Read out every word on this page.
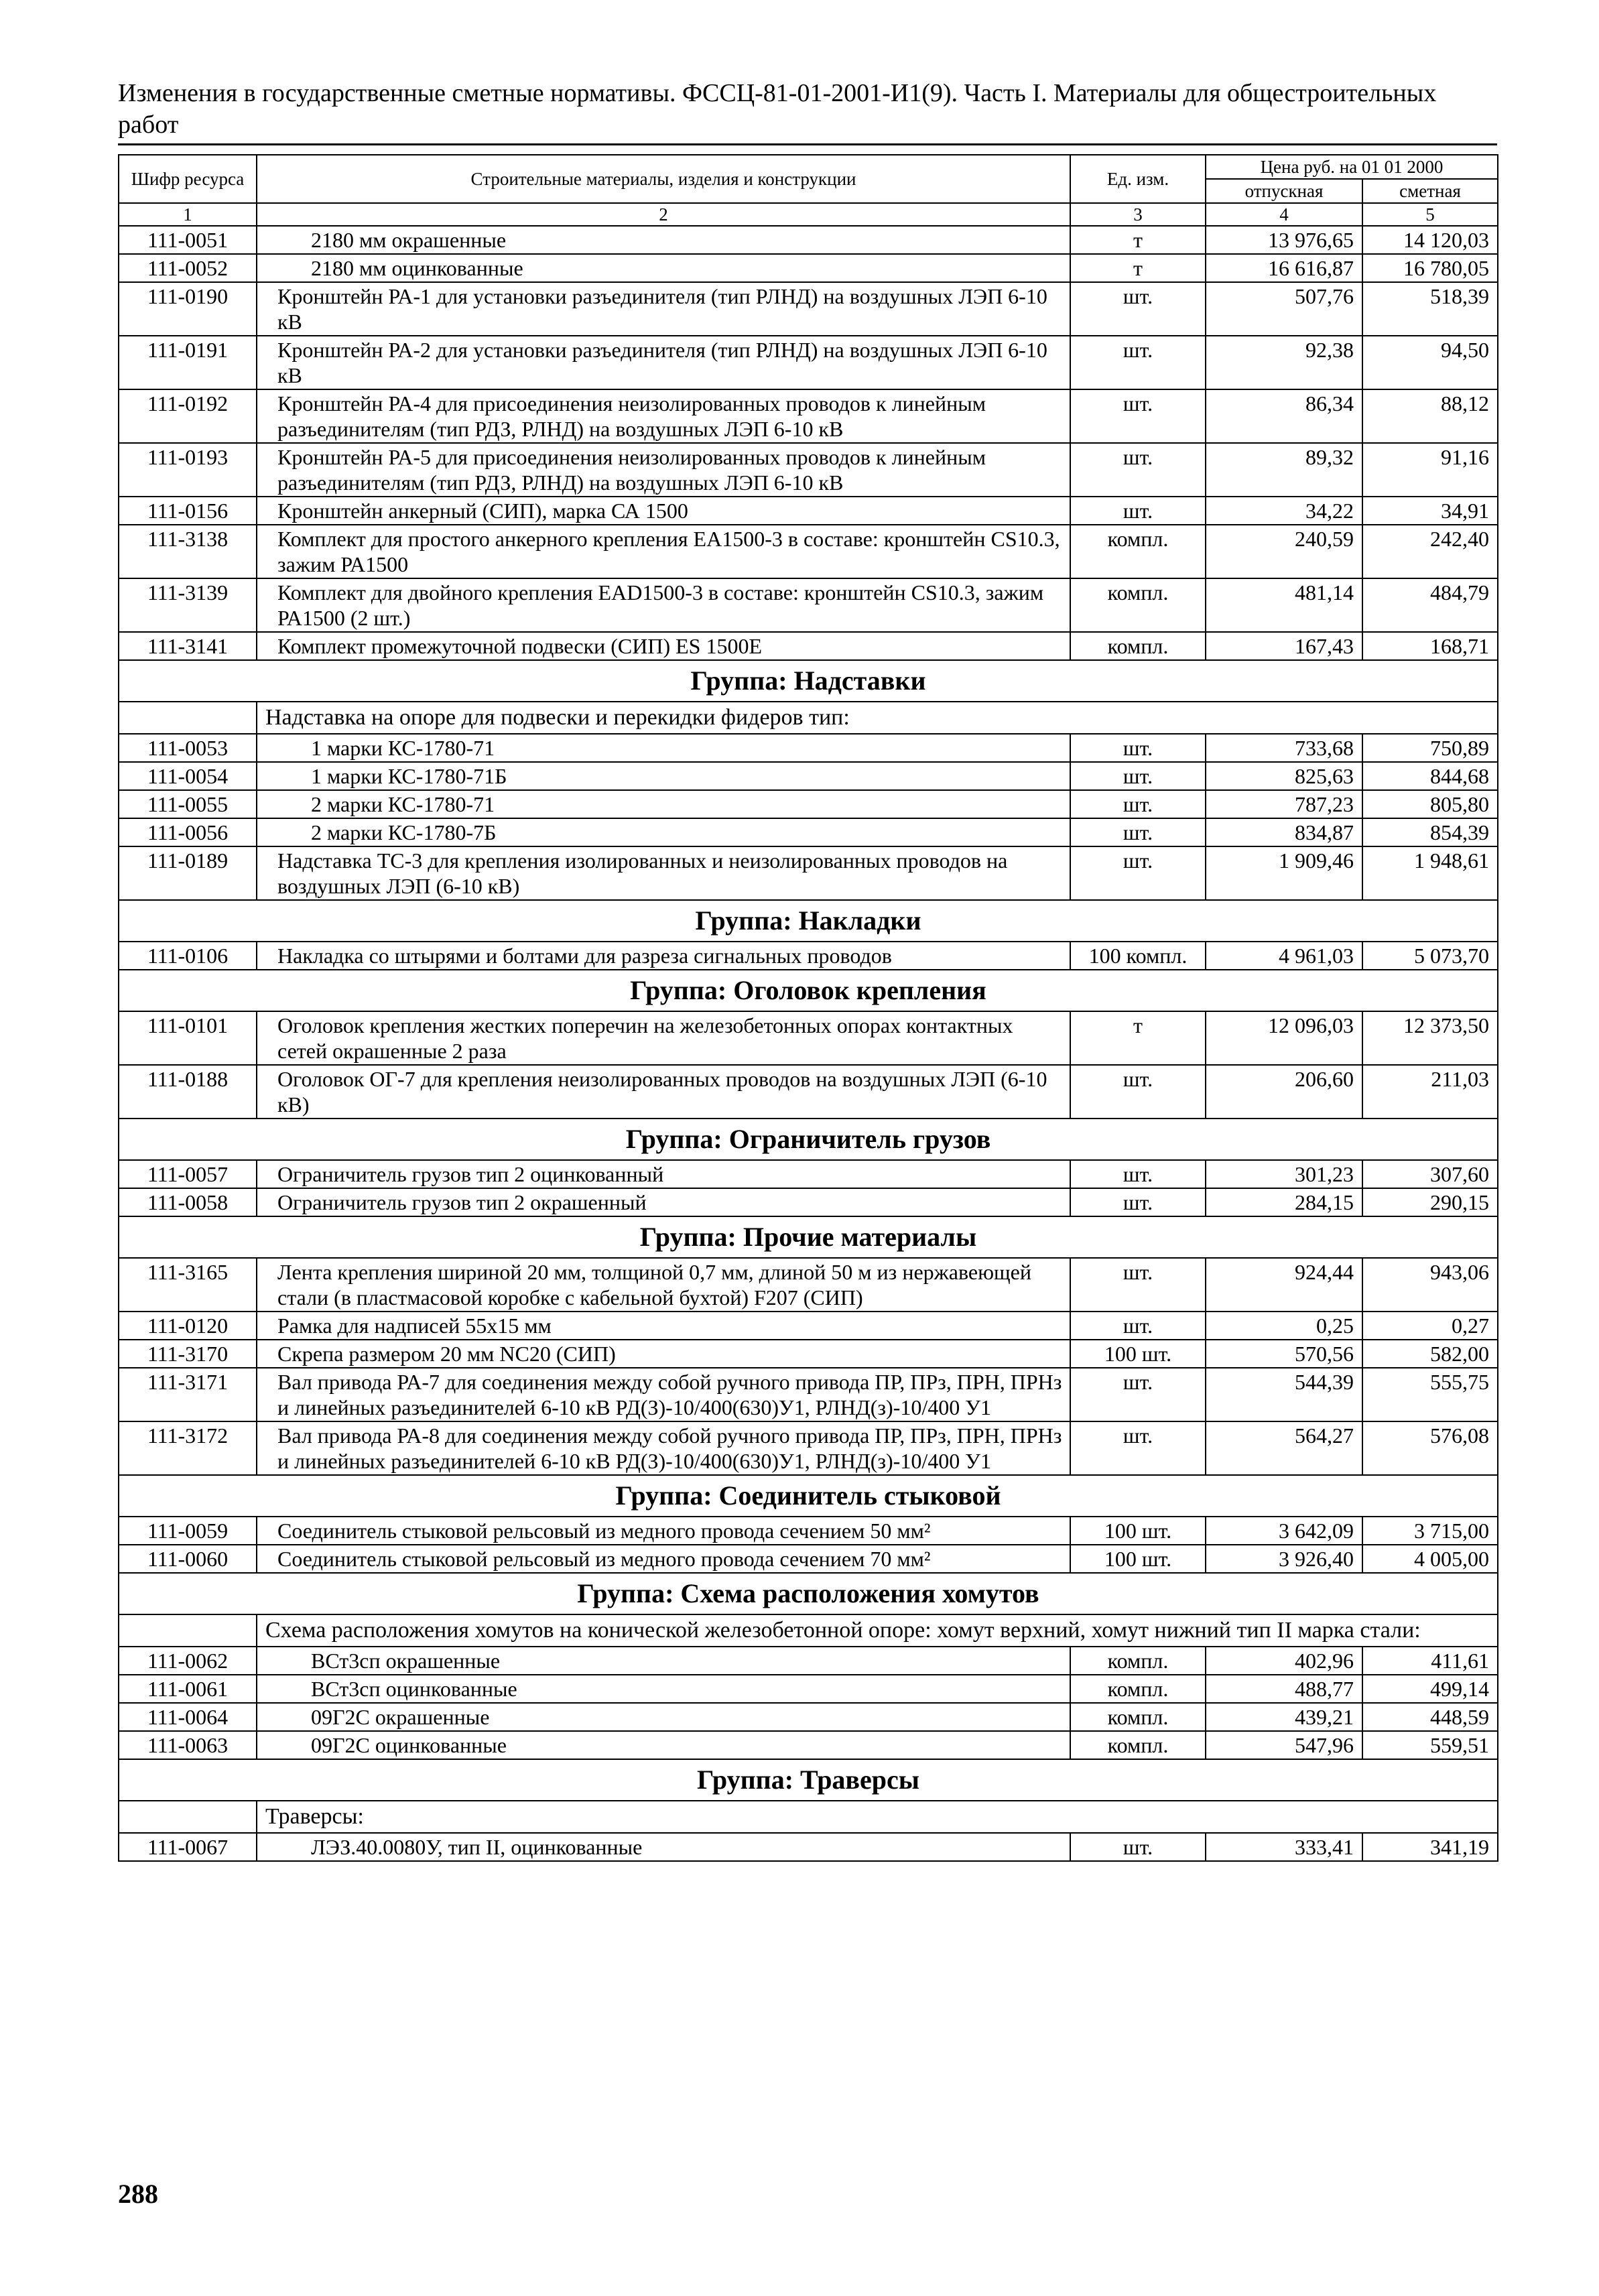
Изменения в государственные сметные нормативы. ФССЦ-81-01-2001-И1(9). Часть I. Материалы для общестроительных работ
Шифр ресурса	Строительные материалы, изделия и конструкции	Ед. изм.	Цена руб. на 01 01 2000	
			отпускная	сметная
1	2	3	4	5
111-0051	2180 мм окрашенные	т	13 976,65	14 120,03
111-0052	2180 мм оцинкованные	т	16 616,87	16 780,05
111-0190	Кронштейн РА-1 для установки разъединителя (тип РЛНД) на воздушных ЛЭП 6-10 кВ	шт.	507,76	518,39
111-0191	Кронштейн РА-2 для установки разъединителя (тип РЛНД) на воздушных ЛЭП 6-10 кВ	шт.	92,38	94,50
111-0192	Кронштейн РА-4 для присоединения неизолированных проводов к линейным разъединителям (тип РДЗ, РЛНД) на воздушных ЛЭП 6-10 кВ	шт.	86,34	88,12
111-0193	Кронштейн РА-5 для присоединения неизолированных проводов к линейным разъединителям (тип РДЗ, РЛНД) на воздушных ЛЭП 6-10 кВ	шт.	89,32	91,16
111-0156	Кронштейн анкерный (СИП), марка СА 1500	шт.	34,22	34,91
111-3138	Комплект для простого анкерного крепления ЕА1500-3 в составе: кронштейн CS10.3, зажим РА1500	компл.	240,59	242,40
111-3139	Комплект для двойного крепления EAD1500-3 в составе: кронштейн CS10.3, зажим РА1500 (2 шт.)	компл.	481,14	484,79
111-3141	Комплект промежуточной подвески (СИП) ES 1500Е	компл.	167,43	168,71
Группа: Надставки				
	Надставка на опоре для подвески и перекидки фидеров тип:			
111-0053	1 марки КС-1780-71	шт.	733,68	750,89
111-0054	1 марки КС-1780-71Б	шт.	825,63	844,68
111-0055	2 марки КС-1780-71	шт.	787,23	805,80
111-0056	2 марки КС-1780-7Б	шт.	834,87	854,39
111-0189	Надставка ТС-3 для крепления изолированных и неизолированных проводов на воздушных ЛЭП (6-10 кВ)	шт.	1 909,46	1 948,61
Группа: Накладки				
111-0106	Накладка со штырями и болтами для разреза сигнальных проводов	100 компл.	4 961,03	5 073,70
Группа: Оголовок крепления				
111-0101	Оголовок крепления жестких поперечин на железобетонных опорах контактных сетей окрашенные 2 раза	т	12 096,03	12 373,50
111-0188	Оголовок ОГ-7 для крепления неизолированных проводов на воздушных ЛЭП (6-10 кВ)	шт.	206,60	211,03
Группа: Ограничитель грузов				
111-0057	Ограничитель грузов тип 2 оцинкованный	шт.	301,23	307,60
111-0058	Ограничитель грузов тип 2 окрашенный	шт.	284,15	290,15
Группа: Прочие материалы				
111-3165	Лента крепления шириной 20 мм, толщиной 0,7 мм, длиной 50 м из нержавеющей стали (в пластмасовой коробке с кабельной бухтой) F207 (СИП)	шт.	924,44	943,06
111-0120	Рамка для надписей 55х15 мм	шт.	0,25	0,27
111-3170	Скрепа размером 20 мм NC20 (СИП)	100 шт.	570,56	582,00
111-3171	Вал привода РА-7 для соединения между собой ручного привода ПР, ПРз, ПРН, ПРНз и линейных разъединителей 6-10 кВ РД(З)-10/400(630)У1, РЛНД(з)-10/400 У1	шт.	544,39	555,75
111-3172	Вал привода РА-8 для соединения между собой ручного привода ПР, ПРз, ПРН, ПРНз и линейных разъединителей 6-10 кВ РД(З)-10/400(630)У1, РЛНД(з)-10/400 У1	шт.	564,27	576,08
Группа: Соединитель стыковой				
111-0059	Соединитель стыковой рельсовый из медного провода сечением 50 мм²	100 шт.	3 642,09	3 715,00
111-0060	Соединитель стыковой рельсовый из медного провода сечением 70 мм²	100 шт.	3 926,40	4 005,00
Группа: Схема расположения хомутов				
	Схема расположения хомутов на конической железобетонной опоре: хомут верхний, хомут нижний тип II марка стали:			
111-0062	ВСт3сп окрашенные	компл.	402,96	411,61
111-0061	ВСт3сп оцинкованные	компл.	488,77	499,14
111-0064	09Г2С окрашенные	компл.	439,21	448,59
111-0063	09Г2С оцинкованные	компл.	547,96	559,51
Группа: Траверсы				
	Траверсы:			
111-0067	ЛЭЗ.40.0080У, тип II, оцинкованные	шт.	333,41	341,19
288
